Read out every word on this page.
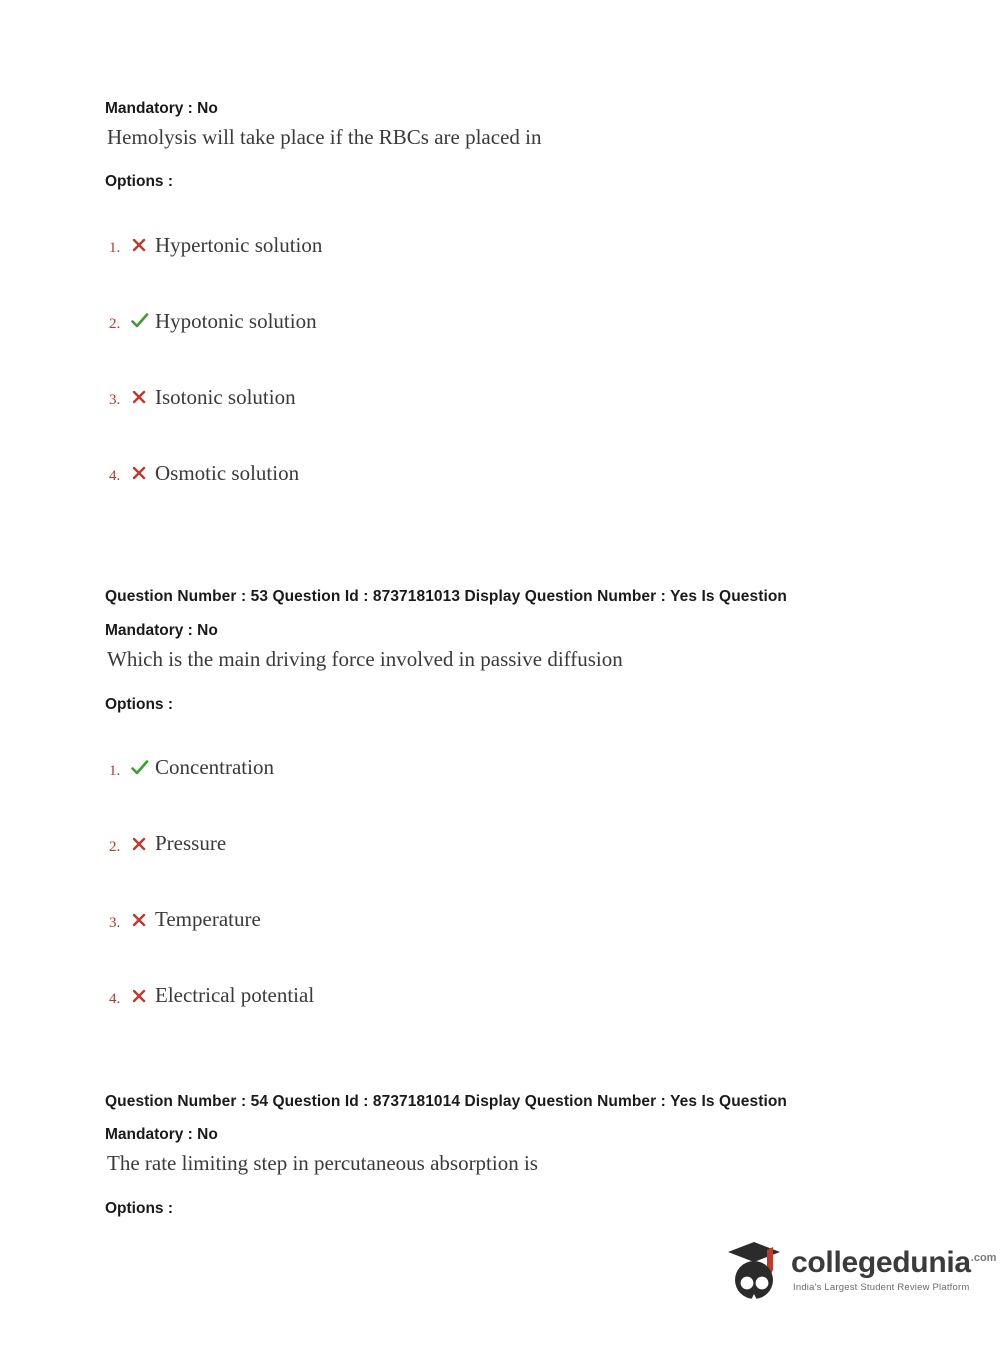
Mandatory : No
Hemolysis will take place if the RBCs are placed in
Options :
1.	Hypertonic solution
2.	Hypotonic solution
3.	Isotonic solution
4.	Osmotic solution
Question Number : 53 Question Id : 8737181013 Display Question Number : Yes Is Question
Mandatory : No
Which is the main driving force involved in passive diffusion
Options :
1.	Concentration
2.	Pressure
3.	Temperature
4.	Electrical potential
Question Number : 54 Question Id : 8737181014 Display Question Number : Yes Is Question
Mandatory : No
The rate limiting step in percutaneous absorption is
Options :
collegedunia$^{.com}$
India's Largest Student Review Platform
